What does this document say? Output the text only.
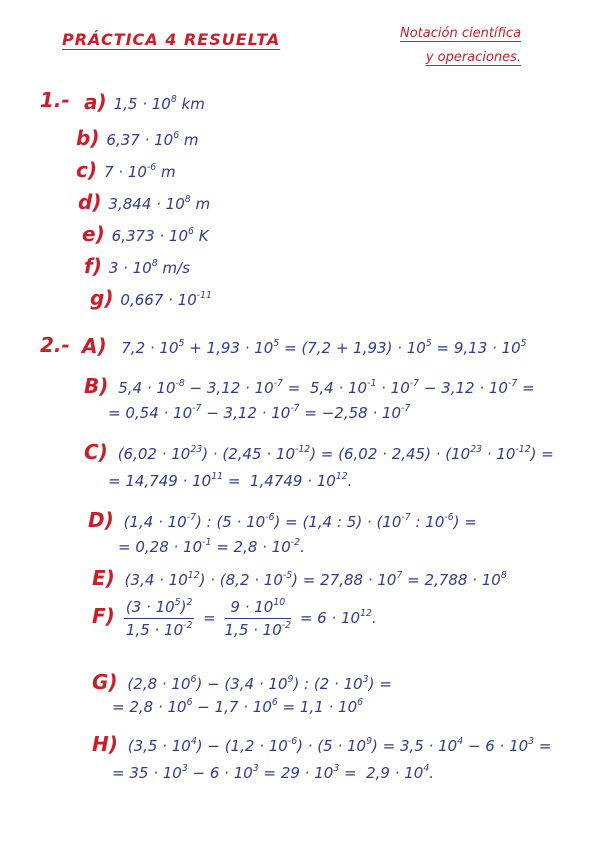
PRÁCTICA 4 RESUELTA	Notación científica
y operaciones.
1.- a) $1,5 \cdot 10^8$ km
b) $6,37 \cdot 10^6$ m
c) $7 \cdot 10^{-6}$ m
d) $3,844 \cdot 10^8$ m
e) $6,373 \cdot 10^6$ K
f) $3 \cdot 10^8$ m/s
g) $0,667 \cdot 10^{-11}$
2.- A)   $7,2 \cdot 10^5 + 1,93 \cdot 10^5 = (7,2 + 1,93) \cdot 10^5 = 9,13 \cdot 10^5$
B)  $5,4 \cdot 10^{-8} - 3,12 \cdot 10^{-7} = 5,4 \cdot 10^{-1} \cdot 10^{-7} - 3,12 \cdot 10^{-7}$ =
= $0,54 \cdot 10^{-7} - 3,12 \cdot 10^{-7} = -2,58 \cdot 10^{-7}$
C)  $(6,02 \cdot 10^{23}) \cdot (2,45 \cdot 10^{-12}) = (6,02 \cdot 2,45) \cdot (10^{23} \cdot 10^{-12})$ =
= $14,749 \cdot 10^{11} = 1,4749 \cdot 10^{12}$.
D)  $(1,4 \cdot 10^{-7})$ : $(5 \cdot 10^{-6}) = (1,4$ : $5) \cdot (10^{-7}$ : $10^{-6}$) =
= $0,28 \cdot 10^{-1} = 2,8 \cdot 10^{-2}$.
E)  $(3,4 \cdot 10^{12}) \cdot (8,2 \cdot 10^{-5}) = 27,88 \cdot 10^7 = 2,788 \cdot 10^8$
$F) \frac{(3 \cdot 10^5)^2}{1,5 \cdot 10^{-2}} = \frac{9 \cdot 10^{10}}{1,5 \cdot 10^{-2}} = 6 \cdot 10^{12}$.
G)  $(2,8 \cdot 10^6) - (3,4 \cdot 10^9)$ : $(2 \cdot 10^3)$ =
= $2,8 \cdot 10^6 - 1,7 \cdot 10^6 = 1,1 \cdot 10^6$
H)  $(3,5 \cdot 10^4) - (1,2 \cdot 10^{-6}) \cdot (5 \cdot 10^9) = 3,5 \cdot 10^4 - 6 \cdot 10^3$ =
= $35 \cdot 10^3 - 6 \cdot 10^3 = 29 \cdot 10^3 = 2,9 \cdot 10^4$.
